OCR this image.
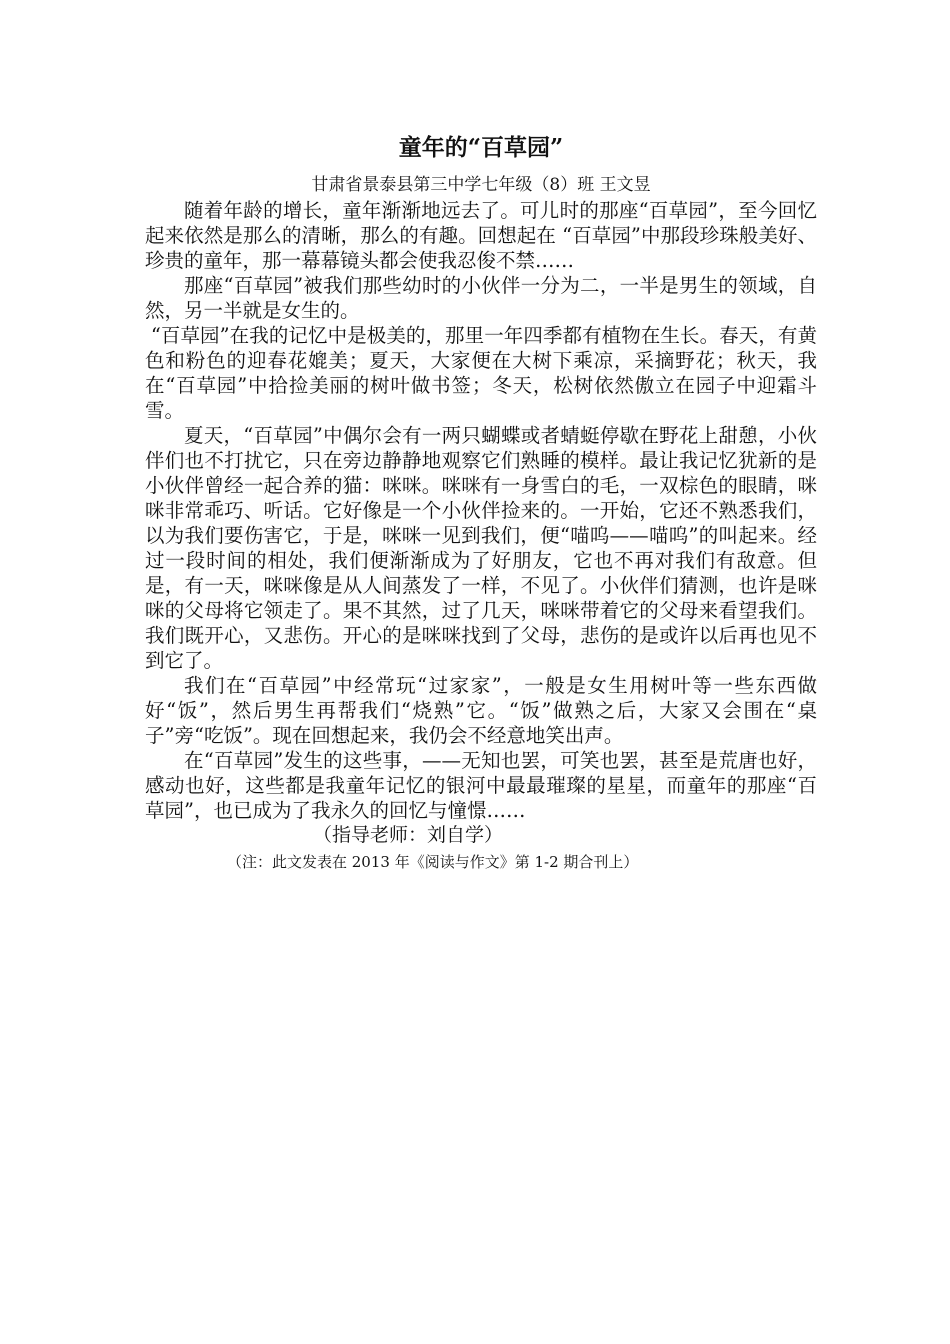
童年的“百草园”

甘肃省景泰县第三中学七年级（8）班 王文昱

随着年龄的增长，童年渐渐地远去了。可儿时的那座“百草园”，至今回忆起来依然是那么的清晰，那么的有趣。回想起在 “百草园”中那段珍珠般美好、珍贵的童年，那一幕幕镜头都会使我忍俊不禁……

那座“百草园”被我们那些幼时的小伙伴一分为二，一半是男生的领域，自然，另一半就是女生的。

“百草园”在我的记忆中是极美的，那里一年四季都有植物在生长。春天，有黄色和粉色的迎春花媲美；夏天，大家便在大树下乘凉，采摘野花；秋天，我在“百草园”中拾捡美丽的树叶做书签；冬天，松树依然傲立在园子中迎霜斗雪。

夏天，“百草园”中偶尔会有一两只蝴蝶或者蜻蜓停歇在野花上甜憩，小伙伴们也不打扰它，只在旁边静静地观察它们熟睡的模样。最让我记忆犹新的是小伙伴曾经一起合养的猫：咪咪。咪咪有一身雪白的毛，一双棕色的眼睛，咪咪非常乖巧、听话。它好像是一个小伙伴捡来的。一开始，它还不熟悉我们，以为我们要伤害它，于是，咪咪一见到我们，便“喵呜——喵呜”的叫起来。经过一段时间的相处，我们便渐渐成为了好朋友，它也不再对我们有敌意。但是，有一天，咪咪像是从人间蒸发了一样，不见了。小伙伴们猜测，也许是咪咪的父母将它领走了。果不其然，过了几天，咪咪带着它的父母来看望我们。我们既开心，又悲伤。开心的是咪咪找到了父母，悲伤的是或许以后再也见不到它了。

我们在“百草园”中经常玩“过家家”，一般是女生用树叶等一些东西做好“饭”，然后男生再帮我们“烧熟”它。“饭”做熟之后，大家又会围在“桌子”旁“吃饭”。现在回想起来，我仍会不经意地笑出声。

在“百草园”发生的这些事，——无知也罢，可笑也罢，甚至是荒唐也好，感动也好，这些都是我童年记忆的银河中最最璀璨的星星，而童年的那座“百草园”，也已成为了我永久的回忆与憧憬……

（指导老师：刘自学）

（注：此文发表在 2013 年《阅读与作文》第 1-2 期合刊上）
